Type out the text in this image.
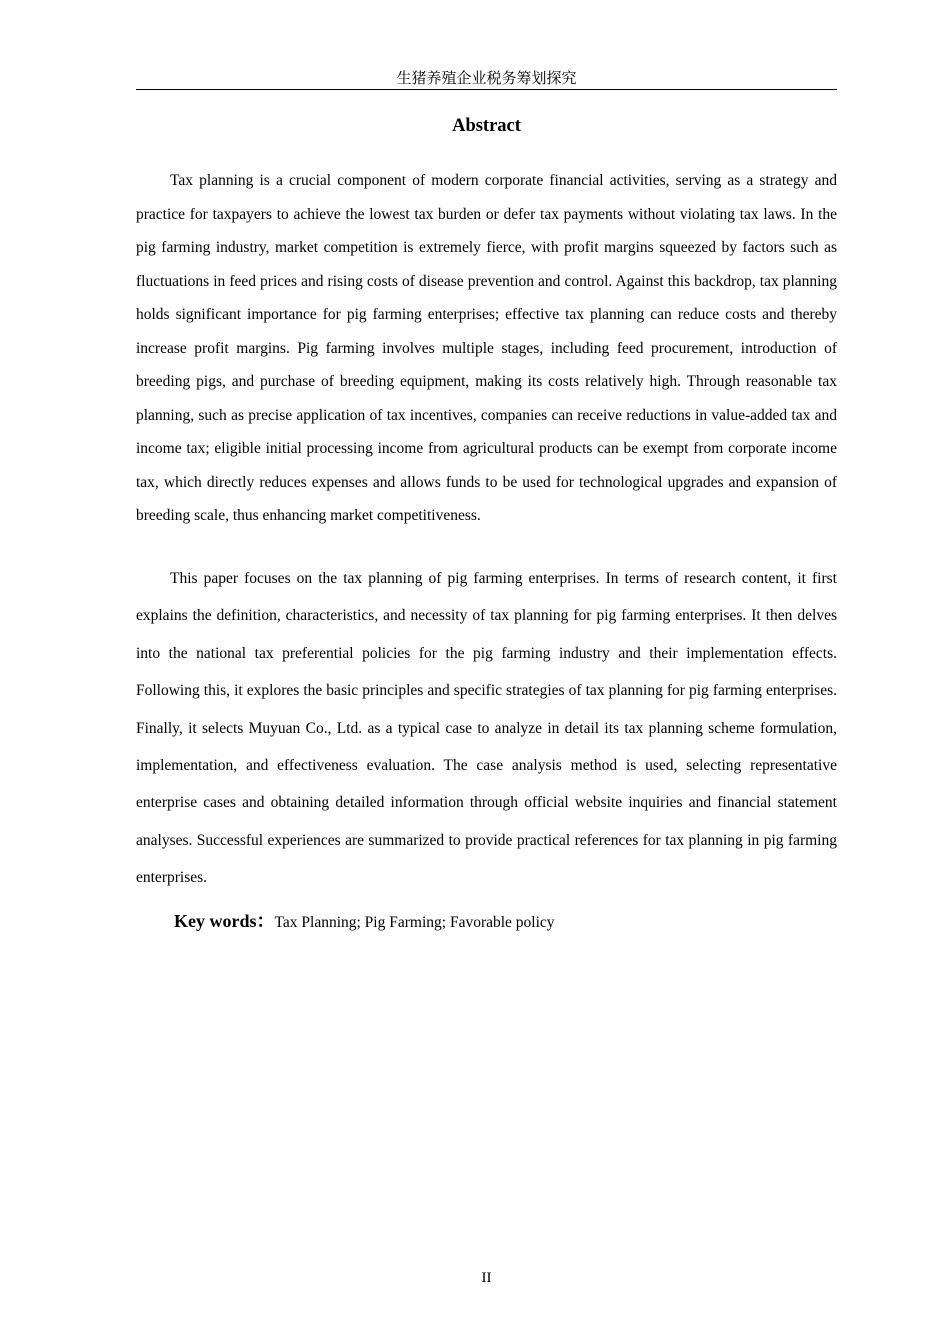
生猪养殖企业税务筹划探究
Abstract

Tax planning is a crucial component of modern corporate financial activities, serving as a strategy and practice for taxpayers to achieve the lowest tax burden or defer tax payments without violating tax laws. In the pig farming industry, market competition is extremely fierce, with profit margins squeezed by factors such as fluctuations in feed prices and rising costs of disease prevention and control. Against this backdrop, tax planning holds significant importance for pig farming enterprises; effective tax planning can reduce costs and thereby increase profit margins. Pig farming involves multiple stages, including feed procurement, introduction of breeding pigs, and purchase of breeding equipment, making its costs relatively high. Through reasonable tax planning, such as precise application of tax incentives, companies can receive reductions in value-added tax and income tax; eligible initial processing income from agricultural products can be exempt from corporate income tax, which directly reduces expenses and allows funds to be used for technological upgrades and expansion of breeding scale, thus enhancing market competitiveness.

This paper focuses on the tax planning of pig farming enterprises. In terms of research content, it first explains the definition, characteristics, and necessity of tax planning for pig farming enterprises. It then delves into the national tax preferential policies for the pig farming industry and their implementation effects. Following this, it explores the basic principles and specific strategies of tax planning for pig farming enterprises. Finally, it selects Muyuan Co., Ltd. as a typical case to analyze in detail its tax planning scheme formulation, implementation, and effectiveness evaluation. The case analysis method is used, selecting representative enterprise cases and obtaining detailed information through official website inquiries and financial statement analyses. Successful experiences are summarized to provide practical references for tax planning in pig farming enterprises.

Key words：Tax Planning; Pig Farming; Favorable policy
II
